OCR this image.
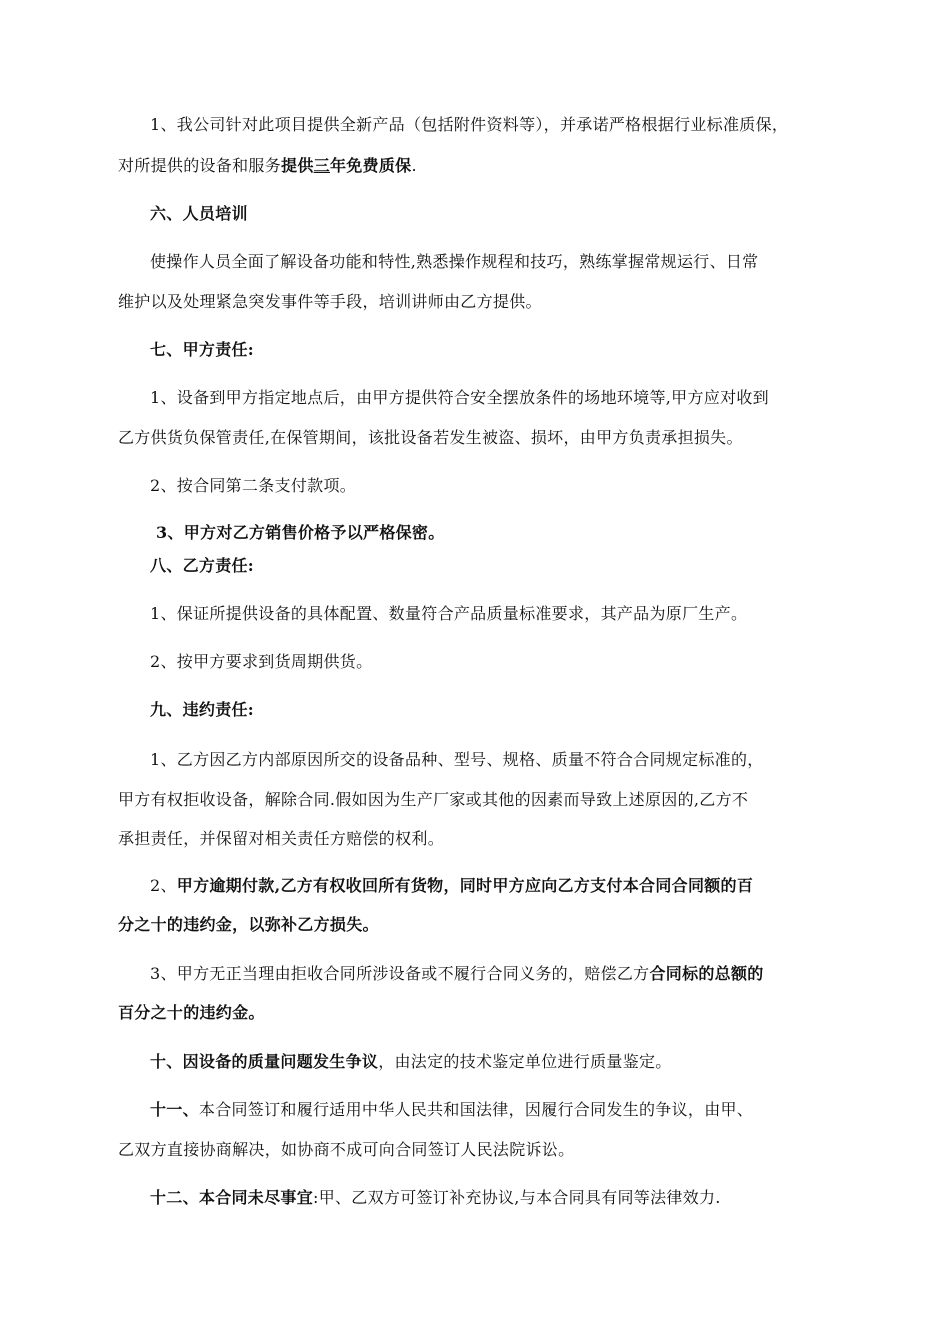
1、我公司针对此项目提供全新产品（包括附件资料等），并承诺严格根据行业标准质保，
对所提供的设备和服务提供三年免费质保.
六、人员培训
使操作人员全面了解设备功能和特性,熟悉操作规程和技巧，熟练掌握常规运行、日常
维护以及处理紧急突发事件等手段，培训讲师由乙方提供。
七、甲方责任:
1、设备到甲方指定地点后，由甲方提供符合安全摆放条件的场地环境等,甲方应对收到
乙方供货负保管责任,在保管期间，该批设备若发生被盗、损坏，由甲方负责承担损失。
2、按合同第二条支付款项。
3、甲方对乙方销售价格予以严格保密。
八、乙方责任:
1、保证所提供设备的具体配置、数量符合产品质量标准要求，其产品为原厂生产。
2、按甲方要求到货周期供货。
九、违约责任:
1、乙方因乙方内部原因所交的设备品种、型号、规格、质量不符合合同规定标准的，
甲方有权拒收设备，解除合同.假如因为生产厂家或其他的因素而导致上述原因的,乙方不
承担责任，并保留对相关责任方赔偿的权利。
2、甲方逾期付款,乙方有权收回所有货物，同时甲方应向乙方支付本合同合同额的百
分之十的违约金，以弥补乙方损失。
3、甲方无正当理由拒收合同所涉设备或不履行合同义务的，赔偿乙方合同标的总额的
百分之十的违约金。
十、因设备的质量问题发生争议，由法定的技术鉴定单位进行质量鉴定。
十一、本合同签订和履行适用中华人民共和国法律，因履行合同发生的争议，由甲、
乙双方直接协商解决，如协商不成可向合同签订人民法院诉讼。
十二、本合同未尽事宜:甲、乙双方可签订补充协议,与本合同具有同等法律效力.
